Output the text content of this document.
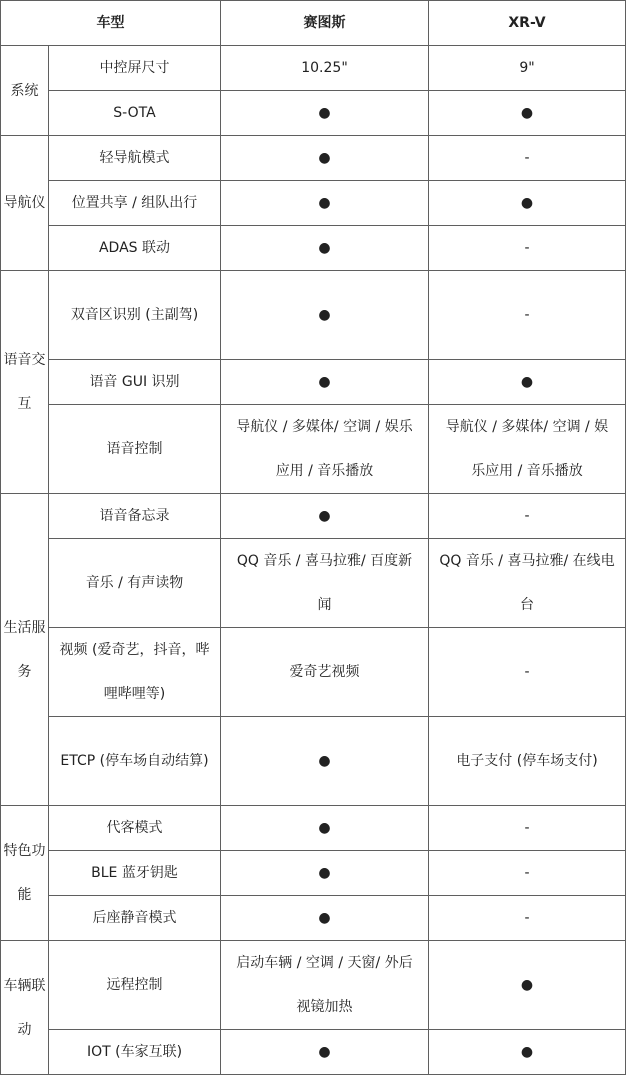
车型		赛图斯	XR-V

系统	中控屏尺寸	10.25"	9"

	S-OTA	●	●

导航仪	轻导航模式	●	-

	位置共享 / 组队出行	●	●

	ADAS 联动	●	-

语音交互	双音区识别 (主副驾)	●	-

	语音 GUI 识别	●	●

	语音控制	导航仪 / 多媒体/ 空调 / 娱乐应用 / 音乐播放	导航仪 / 多媒体/ 空调 / 娱乐应用 / 音乐播放

生活服务	语音备忘录	●	-

	音乐 / 有声读物	QQ 音乐 / 喜马拉雅/ 百度新闻	QQ 音乐 / 喜马拉雅/ 在线电台

	视频 (爱奇艺，抖音，哔哩哔哩等)	爱奇艺视频	-

	ETCP (停车场自动结算)	●	电子支付 (停车场支付)

特色功能	代客模式	●	-

	BLE 蓝牙钥匙	●	-

	后座静音模式	●	-

车辆联动	远程控制	启动车辆 / 空调 / 天窗/ 外后视镜加热	●

	IOT (车家互联)	●	●
